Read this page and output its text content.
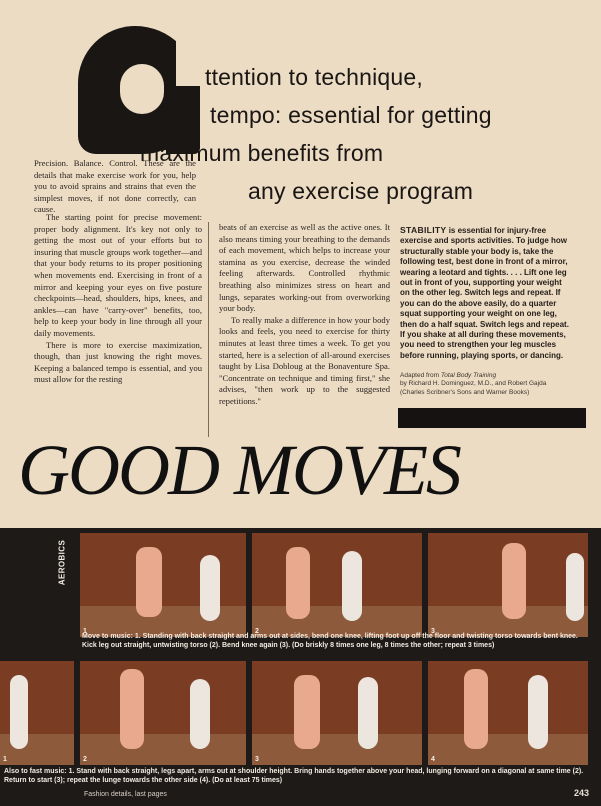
ttention to technique,
tempo: essential for getting
maximum benefits from
any exercise program

Precision. Balance. Control. These are the details that make exercise work for you, help you to avoid sprains and strains that even the simplest moves, if not done correctly, can cause.

The starting point for precise movement: proper body alignment. It's key not only to getting the most out of your efforts but to insuring that muscle groups work together—and that your body returns to its proper positioning when movements end. Exercising in front of a mirror and keeping your eyes on five posture checkpoints—head, shoulders, hips, knees, and ankles—can have "carry-over" benefits, too, help to keep your body in line through all your daily movements.

There is more to exercise maximization, though, than just knowing the right moves. Keeping a balanced tempo is essential, and you must allow for the resting

beats of an exercise as well as the active ones. It also means timing your breathing to the demands of each movement, which helps to increase your stamina as you exercise, decrease the winded feeling afterwards. Controlled rhythmic breathing also minimizes stress on heart and lungs, separates working-out from overworking your body.

To really make a difference in how your body looks and feels, you need to exercise for thirty minutes at least three times a week. To get you started, here is a selection of all-around exercises taught by Lisa Dobloug at the Bonaventure Spa. "Concentrate on technique and timing first," she advises, "then work up to the suggested repetitions."

STABILITY is essential for injury-free exercise and sports activities. To judge how structurally stable your body is, take the following test, best done in front of a mirror, wearing a leotard and tights. . . . Lift one leg out in front of you, supporting your weight on the other leg. Switch legs and repeat. If you can do the above easily, do a quarter squat supporting your weight on one leg, then do a half squat. Switch legs and repeat. If you shake at all during these movements, you need to strengthen your leg muscles before running, playing sports, or dancing.
Adapted from Total Body Training
by Richard H. Dominguez, M.D., and Robert Gajda
(Charles Scribner's Sons and Warner Books)
GOOD MOVES
AEROBICS
1	2	3
Move to music: 1. Standing with back straight and arms out at sides, bend one knee, lifting foot up off the floor and twisting torso towards bent knee. Kick leg out straight, untwisting torso (2). Bend knee again (3). (Do briskly 8 times one leg, 8 times the other; repeat 3 times)
1	2	3	4
Also to fast music: 1. Stand with back straight, legs apart, arms out at shoulder height. Bring hands together above your head, lunging forward on a diagonal at same time (2). Return to start (3); repeat the lunge towards the other side (4). (Do at least 75 times)
Fashion details, last pages	243
